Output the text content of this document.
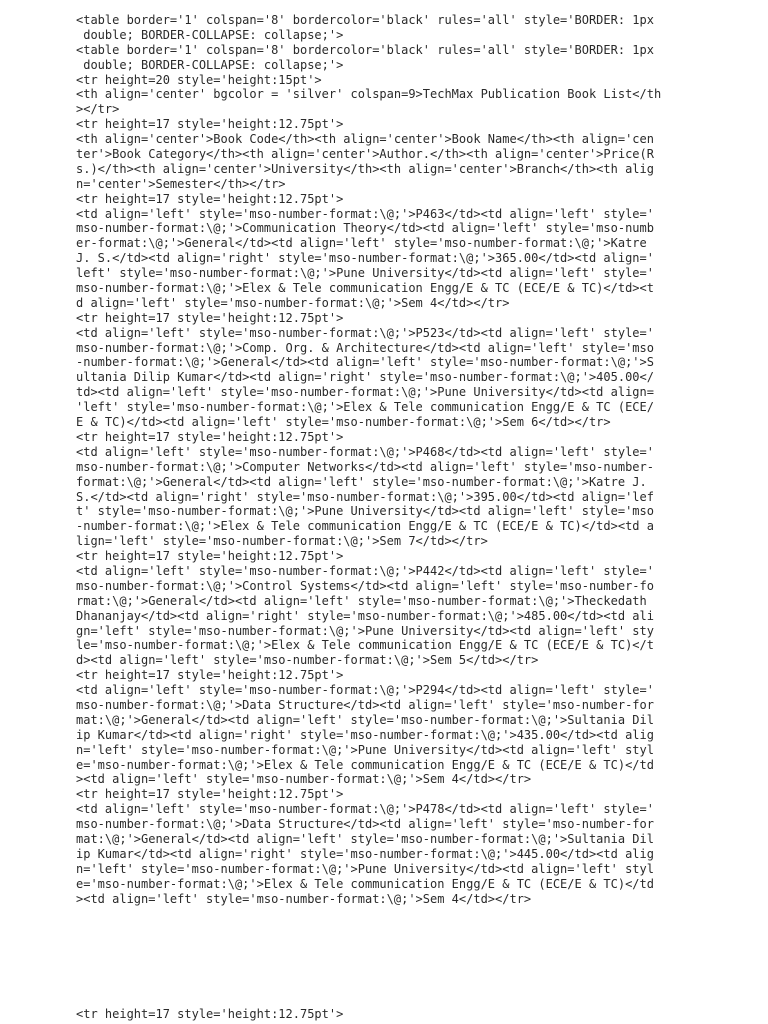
<table border='1' colspan='8' bordercolor='black' rules='all' style='BORDER: 1px
double; BORDER-COLLAPSE: collapse;'>
<table border='1' colspan='8' bordercolor='black' rules='all' style='BORDER: 1px
double; BORDER-COLLAPSE: collapse;'>
<tr height=20 style='height:15pt'>
<th align='center' bgcolor = 'silver' colspan=9>TechMax Publication Book List</th
></tr>
<tr height=17 style='height:12.75pt'>
<th align='center'>Book Code</th><th align='center'>Book Name</th><th align='cen
ter'>Book Category</th><th align='center'>Author.</th><th align='center'>Price(R
s.)</th><th align='center'>University</th><th align='center'>Branch</th><th alig
n='center'>Semester</th></tr>
<tr height=17 style='height:12.75pt'>
<td align='left' style='mso-number-format:\@;'>P463</td><td align='left' style='
mso-number-format:\@;'>Communication Theory</td><td align='left' style='mso-numb
er-format:\@;'>General</td><td align='left' style='mso-number-format:\@;'>Katre
J. S.</td><td align='right' style='mso-number-format:\@;'>365.00</td><td align='
left' style='mso-number-format:\@;'>Pune University</td><td align='left' style='
mso-number-format:\@;'>Elex & Tele communication Engg/E & TC (ECE/E & TC)</td><t
d align='left' style='mso-number-format:\@;'>Sem 4</td></tr>
<tr height=17 style='height:12.75pt'>
<td align='left' style='mso-number-format:\@;'>P523</td><td align='left' style='
mso-number-format:\@;'>Comp. Org. & Architecture</td><td align='left' style='mso
-number-format:\@;'>General</td><td align='left' style='mso-number-format:\@;'>S
ultania Dilip Kumar</td><td align='right' style='mso-number-format:\@;'>405.00</
td><td align='left' style='mso-number-format:\@;'>Pune University</td><td align=
'left' style='mso-number-format:\@;'>Elex & Tele communication Engg/E & TC (ECE/
E & TC)</td><td align='left' style='mso-number-format:\@;'>Sem 6</td></tr>
<tr height=17 style='height:12.75pt'>
<td align='left' style='mso-number-format:\@;'>P468</td><td align='left' style='
mso-number-format:\@;'>Computer Networks</td><td align='left' style='mso-number-
format:\@;'>General</td><td align='left' style='mso-number-format:\@;'>Katre J.
S.</td><td align='right' style='mso-number-format:\@;'>395.00</td><td align='lef
t' style='mso-number-format:\@;'>Pune University</td><td align='left' style='mso
-number-format:\@;'>Elex & Tele communication Engg/E & TC (ECE/E & TC)</td><td a
lign='left' style='mso-number-format:\@;'>Sem 7</td></tr>
<tr height=17 style='height:12.75pt'>
<td align='left' style='mso-number-format:\@;'>P442</td><td align='left' style='
mso-number-format:\@;'>Control Systems</td><td align='left' style='mso-number-fo
rmat:\@;'>General</td><td align='left' style='mso-number-format:\@;'>Theckedath
Dhananjay</td><td align='right' style='mso-number-format:\@;'>485.00</td><td ali
gn='left' style='mso-number-format:\@;'>Pune University</td><td align='left' sty
le='mso-number-format:\@;'>Elex & Tele communication Engg/E & TC (ECE/E & TC)</t
d><td align='left' style='mso-number-format:\@;'>Sem 5</td></tr>
<tr height=17 style='height:12.75pt'>
<td align='left' style='mso-number-format:\@;'>P294</td><td align='left' style='
mso-number-format:\@;'>Data Structure</td><td align='left' style='mso-number-for
mat:\@;'>General</td><td align='left' style='mso-number-format:\@;'>Sultania Dil
ip Kumar</td><td align='right' style='mso-number-format:\@;'>435.00</td><td alig
n='left' style='mso-number-format:\@;'>Pune University</td><td align='left' styl
e='mso-number-format:\@;'>Elex & Tele communication Engg/E & TC (ECE/E & TC)</td
><td align='left' style='mso-number-format:\@;'>Sem 4</td></tr>
<tr height=17 style='height:12.75pt'>
<td align='left' style='mso-number-format:\@;'>P478</td><td align='left' style='
mso-number-format:\@;'>Data Structure</td><td align='left' style='mso-number-for
mat:\@;'>General</td><td align='left' style='mso-number-format:\@;'>Sultania Dil
ip Kumar</td><td align='right' style='mso-number-format:\@;'>445.00</td><td alig
n='left' style='mso-number-format:\@;'>Pune University</td><td align='left' styl
e='mso-number-format:\@;'>Elex & Tele communication Engg/E & TC (ECE/E & TC)</td
><td align='left' style='mso-number-format:\@;'>Sem 4</td></tr>
<tr height=17 style='height:12.75pt'>
